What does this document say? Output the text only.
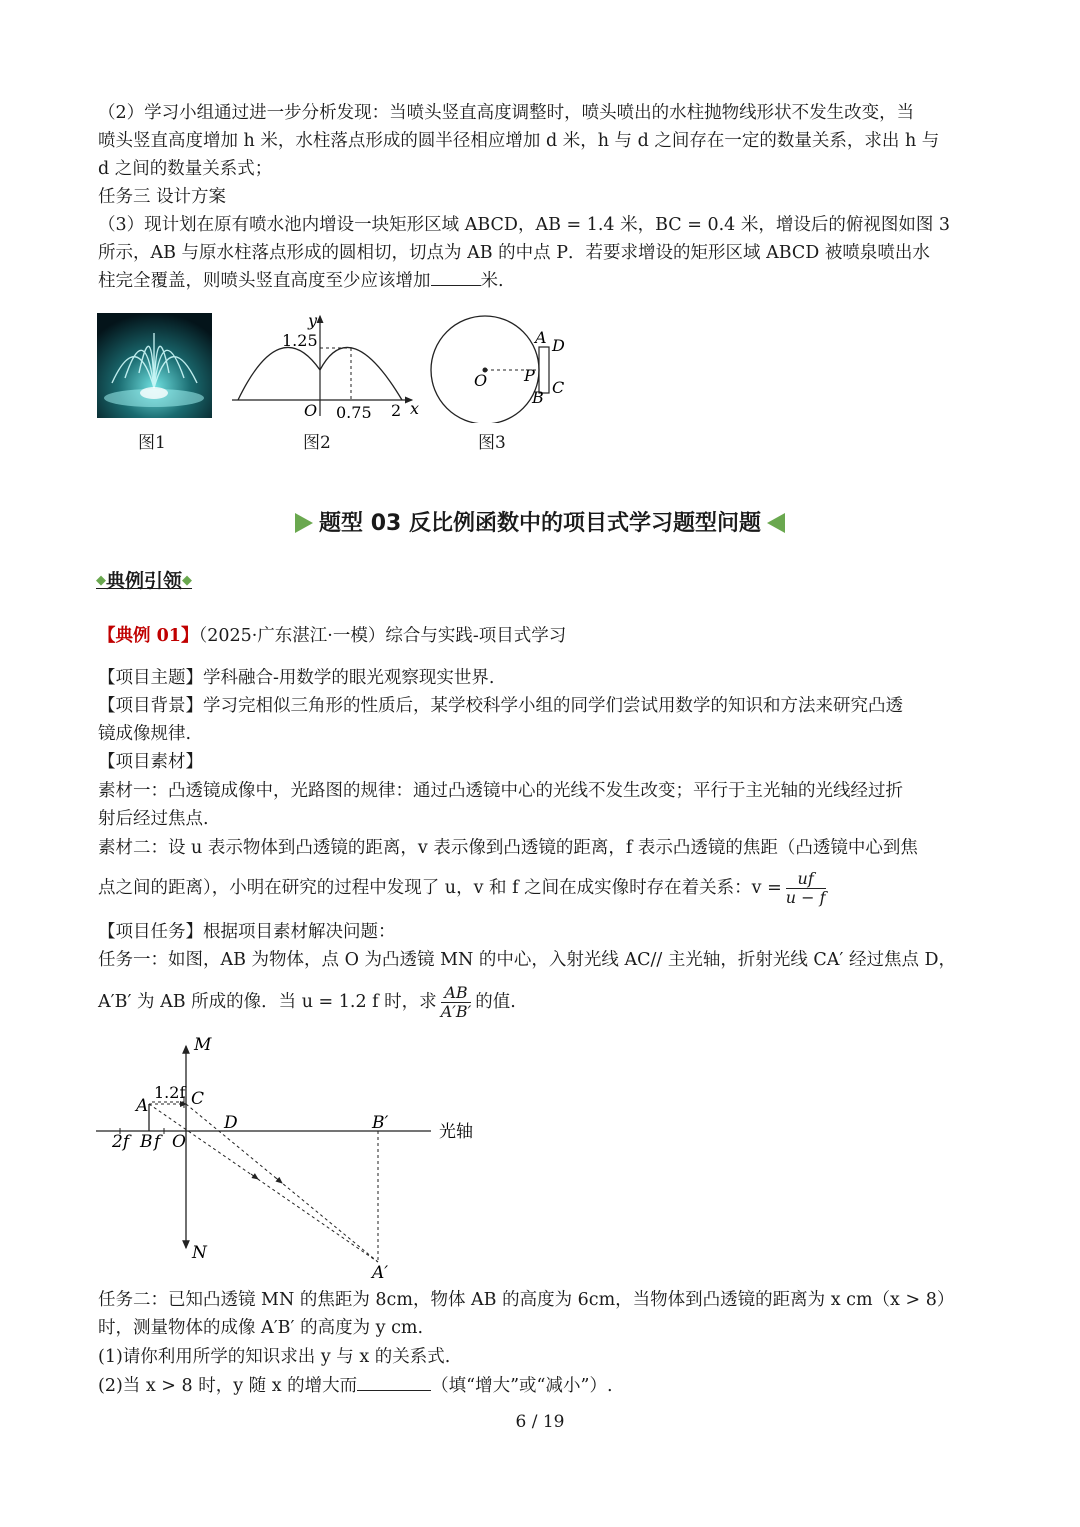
（2）学习小组通过进一步分析发现：当喷头竖直高度调整时，喷头喷出的水柱抛物线形状不发生改变，当
喷头竖直高度增加 h 米，水柱落点形成的圆半径相应增加 d 米，h 与 d 之间存在一定的数量关系，求出 h 与
d 之间的数量关系式；
任务三 设计方案
（3）现计划在原有喷水池内增设一块矩形区域 ABCD，AB = 1.4 米，BC = 0.4 米，增设后的俯视图如图 3
所示，AB 与原水柱落点形成的圆相切，切点为 AB 的中点 P．若要求增设的矩形区域 ABCD 被喷泉喷出水
柱完全覆盖，则喷头竖直高度至少应该增加	米.
图1
y
1.25
O 0.75 2 x
图2
A D
O P
C
B
图3
题型 03 反比例函数中的项目式学习题型问题
◆典例引领◆
【典例 01】（2025·广东湛江·一模）综合与实践-项目式学习
【项目主题】学科融合-用数学的眼光观察现实世界.
【项目背景】学习完相似三角形的性质后，某学校科学小组的同学们尝试用数学的知识和方法来研究凸透
镜成像规律.
【项目素材】
素材一：凸透镜成像中，光路图的规律：通过凸透镜中心的光线不发生改变；平行于主光轴的光线经过折
射后经过焦点.
素材二：设 u 表示物体到凸透镜的距离，v 表示像到凸透镜的距离，f 表示凸透镜的焦距（凸透镜中心到焦
点之间的距离），小明在研究的过程中发现了 u，v 和 f 之间在成实像时存在着关系：$v = \frac{uf}{u - f}$
【项目任务】根据项目素材解决问题：
任务一：如图，AB 为物体，点 O 为凸透镜 MN 的中心，入射光线 AC// 主光轴，折射光线 CA′ 经过焦点 D，
A′B′ 为 AB 所成的像．当 u = 1.2 f 时，求 $\frac{AB}{A'B'}$ 的值.
M
N
1.2f
A	C
D
2f B f O
B′
A′
光轴
任务二：已知凸透镜 MN 的焦距为 8cm，物体 AB 的高度为 6cm，当物体到凸透镜的距离为 x cm（x > 8）
时，测量物体的成像 A′B′ 的高度为 y cm.
(1)请你利用所学的知识求出 y 与 x 的关系式.
(2)当 x > 8 时，y 随 x 的增大而	（填“增大”或“减小”）.
6 / 19
